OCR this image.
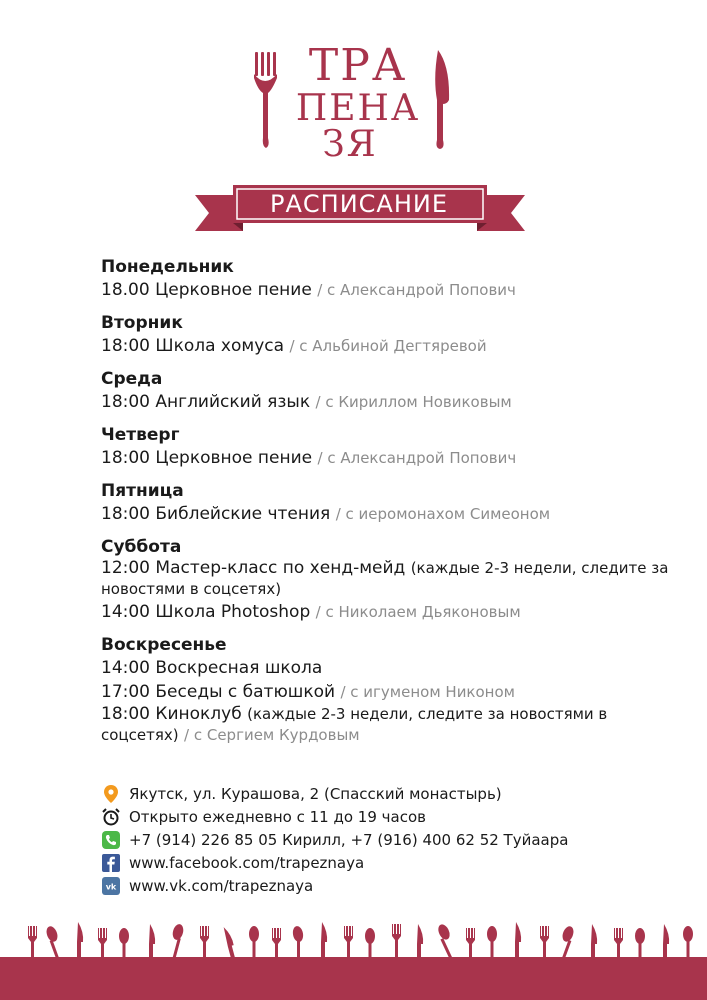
ТРА
ПЕНА
ЗЯ
РАСПИСАНИЕ
Понедельник
18.00 Церковное пение / с Александрой Попович
Вторник
18:00 Школа хомуса / с Альбиной Дегтяревой
Среда
18:00 Английский язык / с Кириллом Новиковым
Четверг
18:00 Церковное пение / с Александрой Попович
Пятница
18:00 Библейские чтения / с иеромонахом Симеоном
Суббота
12:00 Мастер-класс по хенд-мейд (каждые 2-3 недели, следите за новостями в соцсетях)
14:00 Школа Photoshop / с Николаем Дьяконовым
Воскресенье
14:00 Воскресная школа
17:00 Беседы с батюшкой / с игуменом Никоном
18:00 Киноклуб (каждые 2-3 недели, следите за новостями в соцсетях) / с Сергием Курдовым
Якутск, ул. Курашова, 2 (Спасский монастырь)
Открыто ежедневно с 11 до 19 часов
+7 (914) 226 85 05 Кирилл, +7 (916) 400 62 52 Туйаара
www.facebook.com/trapeznaya
vk www.vk.com/trapeznaya
